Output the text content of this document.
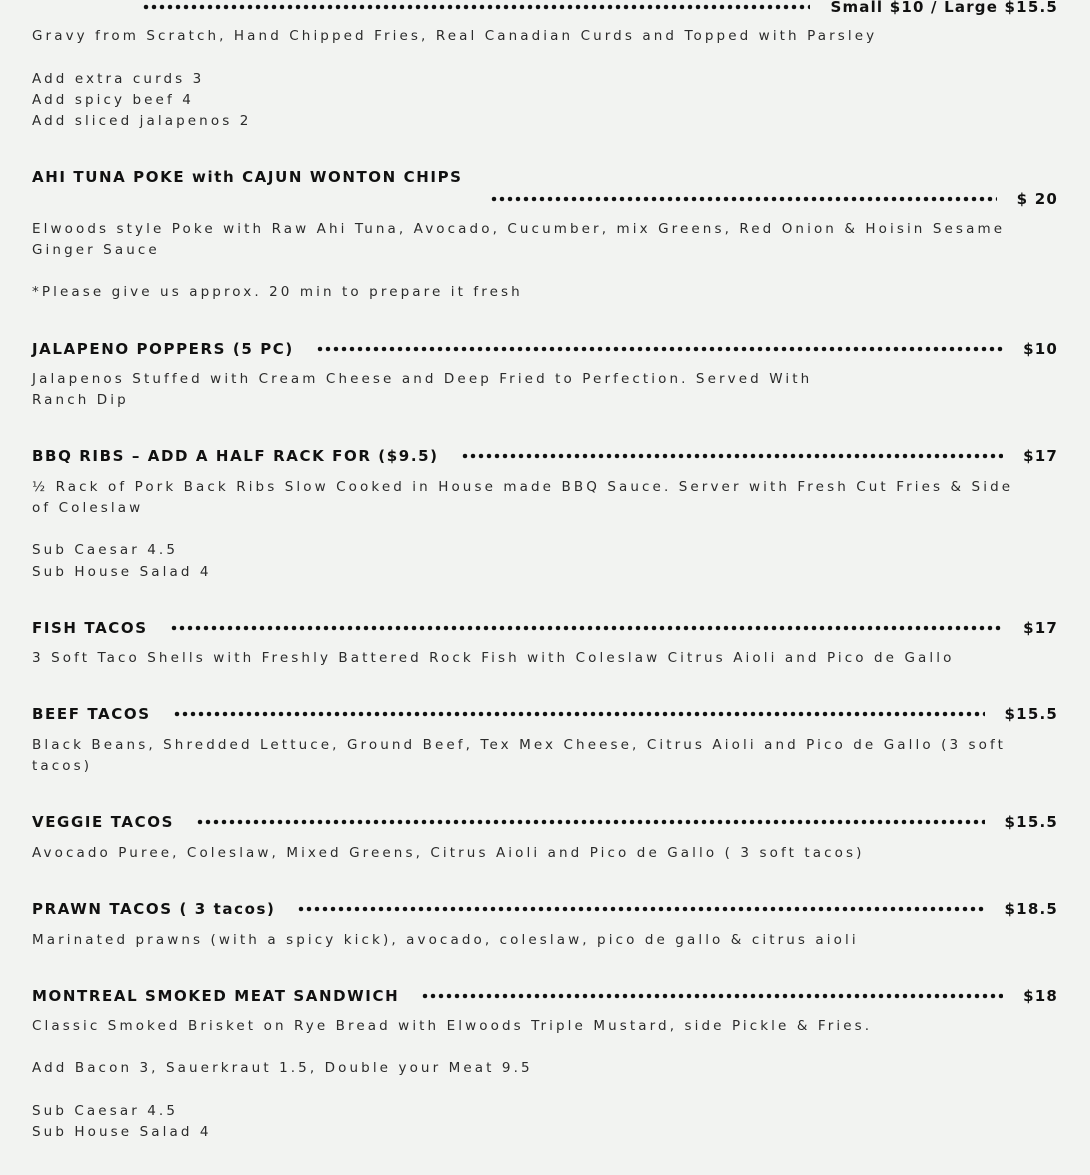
Small $10 / Large $15.5
Gravy from Scratch, Hand Chipped Fries, Real Canadian Curds and Topped with Parsley
Add extra curds 3
Add spicy beef 4
Add sliced jalapenos 2
AHI TUNA POKE with CAJUN WONTON CHIPS
$ 20
Elwoods style Poke with Raw Ahi Tuna, Avocado, Cucumber, mix Greens, Red Onion & Hoisin Sesame Ginger Sauce
*Please give us approx. 20 min to prepare it fresh
JALAPENO POPPERS (5 PC)	$10
Jalapenos Stuffed with Cream Cheese and Deep Fried to Perfection. Served With
Ranch Dip
BBQ RIBS – ADD A HALF RACK FOR ($9.5)	$17
½ Rack of Pork Back Ribs Slow Cooked in House made BBQ Sauce. Server with Fresh Cut Fries & Side of Coleslaw
Sub Caesar 4.5
Sub House Salad 4
FISH TACOS	$17
3 Soft Taco Shells with Freshly Battered Rock Fish with Coleslaw Citrus Aioli and Pico de Gallo
BEEF TACOS	$15.5
Black Beans, Shredded Lettuce, Ground Beef, Tex Mex Cheese, Citrus Aioli and Pico de Gallo (3 soft tacos)
VEGGIE TACOS	$15.5
Avocado Puree, Coleslaw, Mixed Greens, Citrus Aioli and Pico de Gallo ( 3 soft tacos)
PRAWN TACOS ( 3 tacos)	$18.5
Marinated prawns (with a spicy kick), avocado, coleslaw, pico de gallo & citrus aioli
MONTREAL SMOKED MEAT SANDWICH	$18
Classic Smoked Brisket on Rye Bread with Elwoods Triple Mustard, side Pickle & Fries.
Add Bacon 3, Sauerkraut 1.5, Double your Meat 9.5
Sub Caesar 4.5
Sub House Salad 4
